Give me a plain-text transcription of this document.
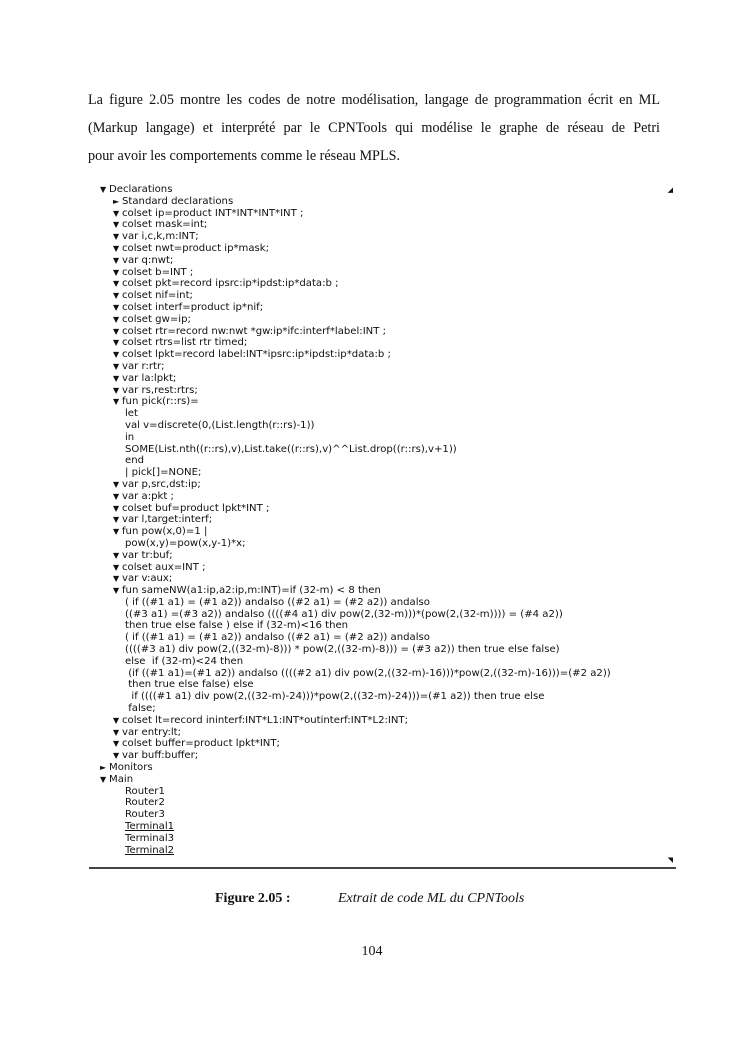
La figure 2.05 montre les codes de notre modélisation, langage de programmation écrit en ML
(Markup langage) et interprété par le CPNTools qui modélise le graphe de réseau de Petri
pour avoir les comportements comme le réseau MPLS.
▼ Declarations
► Standard declarations
▼ colset ip=product INT*INT*INT*INT ;
▼ colset mask=int;
▼ var i,c,k,m:INT;
▼ colset nwt=product ip*mask;
▼ var q:nwt;
▼ colset b=INT ;
▼ colset pkt=record ipsrc:ip*ipdst:ip*data:b ;
▼ colset nif=int;
▼ colset interf=product ip*nif;
▼ colset gw=ip;
▼ colset rtr=record nw:nwt *gw:ip*ifc:interf*label:INT ;
▼ colset rtrs=list rtr timed;
▼ colset lpkt=record label:INT*ipsrc:ip*ipdst:ip*data:b ;
▼ var r:rtr;
▼ var la:lpkt;
▼ var rs,rest:rtrs;
▼ fun pick(r::rs)=
let
val v=discrete(0,(List.length(r::rs)-1))
in
SOME(List.nth((r::rs),v),List.take((r::rs),v)^^List.drop((r::rs),v+1))
end
| pick[]=NONE;
▼ var p,src,dst:ip;
▼ var a:pkt ;
▼ colset buf=product lpkt*INT ;
▼ var l,target:interf;
▼ fun pow(x,0)=1 |
pow(x,y)=pow(x,y-1)*x;
▼ var tr:buf;
▼ colset aux=INT ;
▼ var v:aux;
▼ fun sameNW(a1:ip,a2:ip,m:INT)=if (32-m) < 8 then
( if ((#1 a1) = (#1 a2)) andalso ((#2 a1) = (#2 a2)) andalso
((#3 a1) =(#3 a2)) andalso ((((#4 a1) div pow(2,(32-m)))*(pow(2,(32-m)))) = (#4 a2))
then true else false ) else if (32-m)<16 then
( if ((#1 a1) = (#1 a2)) andalso ((#2 a1) = (#2 a2)) andalso
((((#3 a1) div pow(2,((32-m)-8))) * pow(2,((32-m)-8))) = (#3 a2)) then true else false)
else  if (32-m)<24 then
(if ((#1 a1)=(#1 a2)) andalso ((((#2 a1) div pow(2,((32-m)-16)))*pow(2,((32-m)-16)))=(#2 a2))
then true else false) else
if ((((#1 a1) div pow(2,((32-m)-24)))*pow(2,((32-m)-24)))=(#1 a2)) then true else
false;
▼ colset lt=record ininterf:INT*L1:INT*outinterf:INT*L2:INT;
▼ var entry:lt;
▼ colset buffer=product lpkt*INT;
▼ var buff:buffer;
► Monitors
▼ Main
Router1
Router2
Router3
Terminal1
Terminal3
Terminal2
◢
◥
Figure 2.05 :	Extrait de code ML du CPNTools
104
